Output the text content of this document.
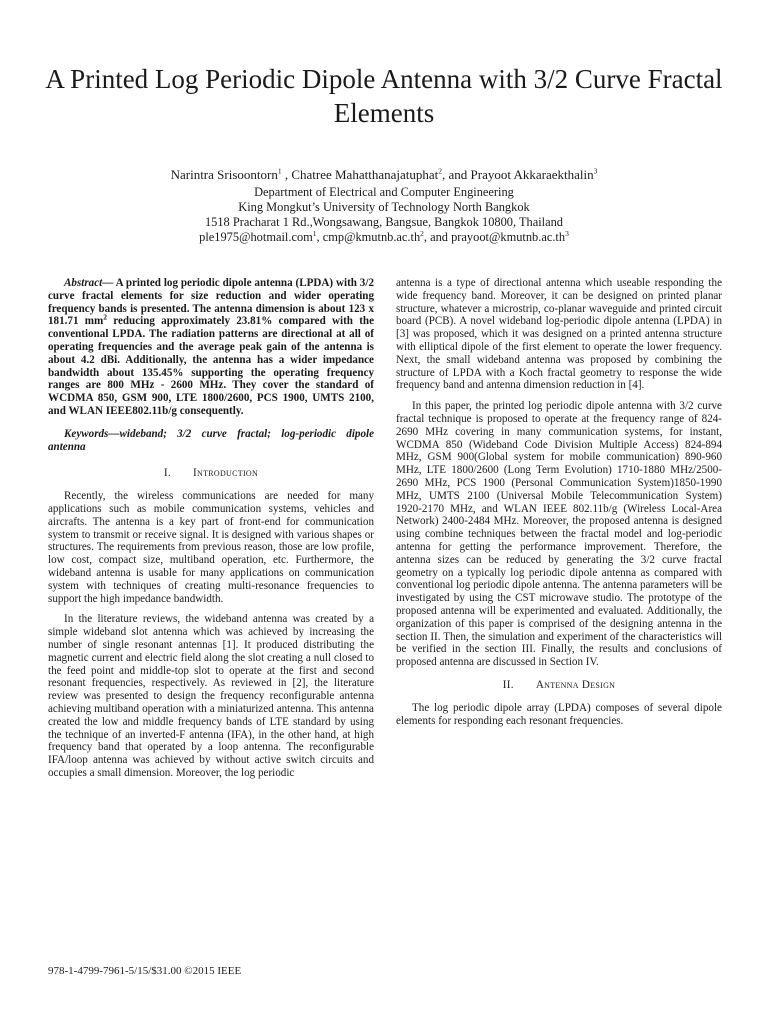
A Printed Log Periodic Dipole Antenna with 3/2 Curve Fractal Elements
Narintra Srisoontorn$^1$ , Chatree Mahatthanajatuphat$^2$, and Prayoot Akkaraekthalin$^3$
Department of Electrical and Computer Engineering
King Mongkut’s University of Technology North Bangkok
1518 Pracharat 1 Rd.,Wongsawang, Bangsue, Bangkok 10800, Thailand
ple1975@hotmail.com$^1$, $cmp@kmutnb.ac.th^2$, and $prayoot@kmutnb.ac.th^3$

Abstract— A printed log periodic dipole antenna (LPDA) with 3/2 curve fractal elements for size reduction and wider operating frequency bands is presented. The antenna dimension is about 123 x 181.71 $mm^2$ reducing approximately 23.81% compared with the conventional LPDA. The radiation patterns are directional at all of operating frequencies and the average peak gain of the antenna is about 4.2 dBi. Additionally, the antenna has a wider impedance bandwidth about 135.45% supporting the operating frequency ranges are 800 MHz - 2600 MHz. They cover the standard of WCDMA 850, GSM 900, LTE 1800/2600, PCS 1900, UMTS 2100, and WLAN IEEE802.11b/g consequently.

Keywords—wideband; 3/2 curve fractal; log-periodic dipole antenna

I. Introduction

Recently, the wireless communications are needed for many applications such as mobile communication systems, vehicles and aircrafts. The antenna is a key part of front-end for communication system to transmit or receive signal. It is designed with various shapes or structures. The requirements from previous reason, those are low profile, low cost, compact size, multiband operation, etc. Furthermore, the wideband antenna is usable for many applications on communication system with techniques of creating multi-resonance frequencies to support the high impedance bandwidth.

In the literature reviews, the wideband antenna was created by a simple wideband slot antenna which was achieved by increasing the number of single resonant antennas [1]. It produced distributing the magnetic current and electric field along the slot creating a null closed to the feed point and middle-top slot to operate at the first and second resonant frequencies, respectively. As reviewed in [2], the literature review was presented to design the frequency reconfigurable antenna achieving multiband operation with a miniaturized antenna. This antenna created the low and middle frequency bands of LTE standard by using the technique of an inverted-F antenna (IFA), in the other hand, at high frequency band that operated by a loop antenna. The reconfigurable IFA/loop antenna was achieved by without active switch circuits and occupies a small dimension. Moreover, the log periodic

antenna is a type of directional antenna which useable responding the wide frequency band. Moreover, it can be designed on printed planar structure, whatever a microstrip, co-planar waveguide and printed circuit board (PCB). A novel wideband log-periodic dipole antenna (LPDA) in [3] was proposed, which it was designed on a printed antenna structure with elliptical dipole of the first element to operate the lower frequency. Next, the small wideband antenna was proposed by combining the structure of LPDA with a Koch fractal geometry to response the wide frequency band and antenna dimension reduction in [4].

In this paper, the printed log periodic dipole antenna with 3/2 curve fractal technique is proposed to operate at the frequency range of 824-2690 MHz covering in many communication systems, for instant, WCDMA 850 (Wideband Code Division Multiple Access) 824-894 MHz, GSM 900(Global system for mobile communication) 890-960 MHz, LTE 1800/2600 (Long Term Evolution) 1710-1880 MHz/2500-2690 MHz, PCS 1900 (Personal Communication System)1850-1990 MHz, UMTS 2100 (Universal Mobile Telecommunication System) 1920-2170 MHz, and WLAN IEEE 802.11b/g (Wireless Local-Area Network) 2400-2484 MHz. Moreover, the proposed antenna is designed using combine techniques between the fractal model and log-periodic antenna for getting the performance improvement. Therefore, the antenna sizes can be reduced by generating the 3/2 curve fractal geometry on a typically log periodic dipole antenna as compared with conventional log periodic dipole antenna. The antenna parameters will be investigated by using the CST microwave studio. The prototype of the proposed antenna will be experimented and evaluated. Additionally, the organization of this paper is comprised of the designing antenna in the section II. Then, the simulation and experiment of the characteristics will be verified in the section III. Finally, the results and conclusions of proposed antenna are discussed in Section IV.

II. Antenna Design

The log periodic dipole array (LPDA) composes of several dipole elements for responding each resonant frequencies.

978-1-4799-7961-5/15/$31.00 ©2015 IEEE
